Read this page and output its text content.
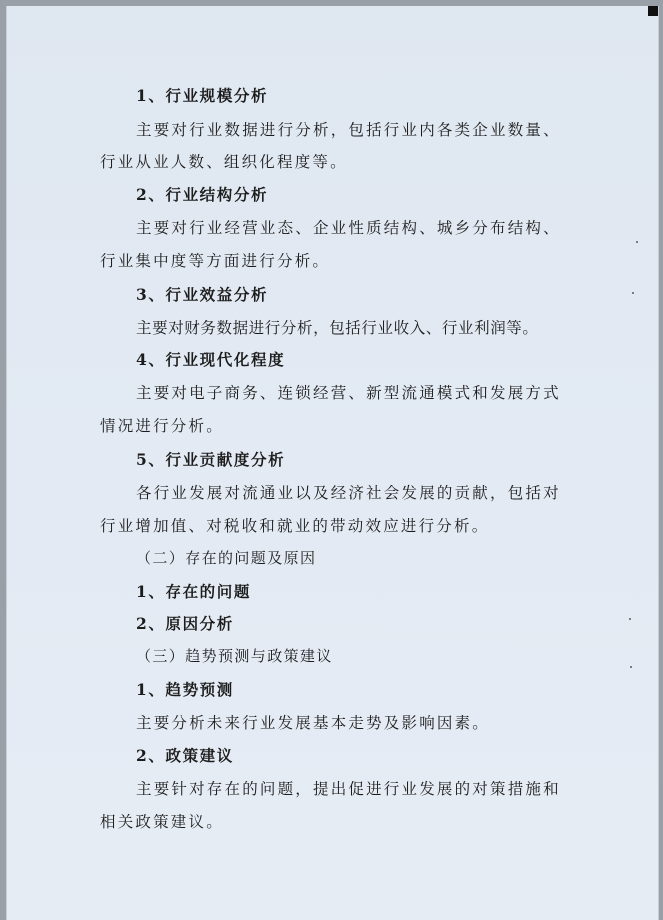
1、行业规模分析
主要对行业数据进行分析，包括行业内各类企业数量、
行业从业人数、组织化程度等。
2、行业结构分析
主要对行业经营业态、企业性质结构、城乡分布结构、
行业集中度等方面进行分析。
3、行业效益分析
主要对财务数据进行分析，包括行业收入、行业利润等。
4、行业现代化程度
主要对电子商务、连锁经营、新型流通模式和发展方式
情况进行分析。
5、行业贡献度分析
各行业发展对流通业以及经济社会发展的贡献，包括对
行业增加值、对税收和就业的带动效应进行分析。
（二）存在的问题及原因
1、存在的问题
2、原因分析
（三）趋势预测与政策建议
1、趋势预测
主要分析未来行业发展基本走势及影响因素。
2、政策建议
主要针对存在的问题，提出促进行业发展的对策措施和
相关政策建议。
